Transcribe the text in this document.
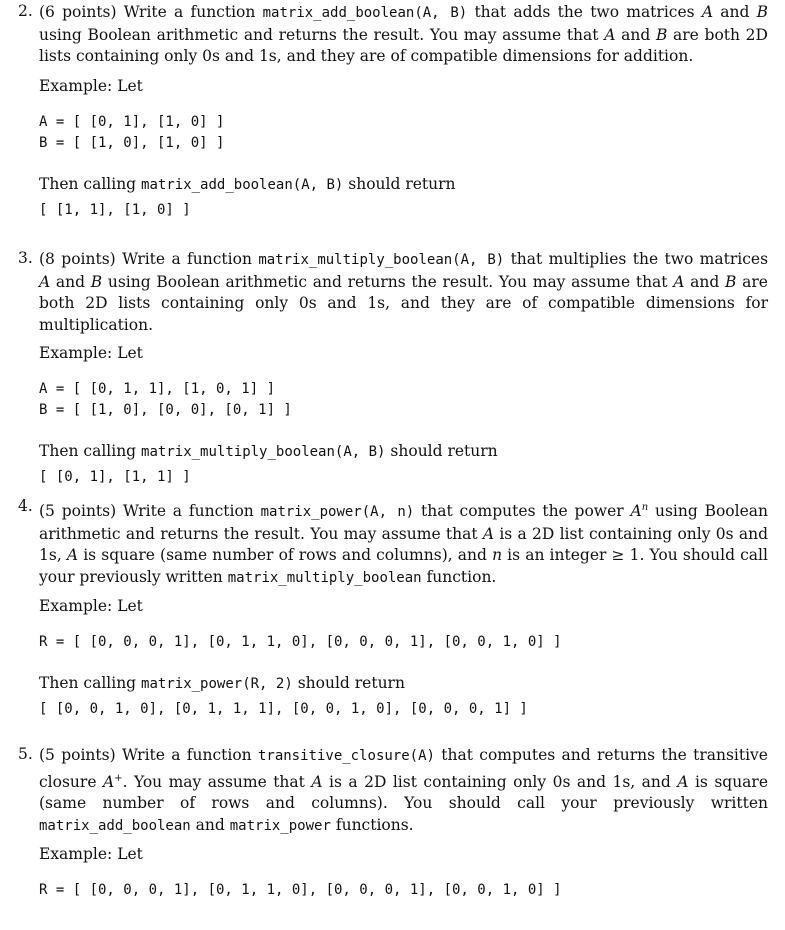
2. (6 points) Write a function matrix_add_boolean(A, B) that adds the two matrices A and B using Boolean arithmetic and returns the result. You may assume that A and B are both 2D lists containing only 0s and 1s, and they are of compatible dimensions for addition.

Example: Let
A = [ [0, 1], [1, 0] ]
B = [ [1, 0], [1, 0] ]
Then calling matrix_add_boolean(A, B) should return
[ [1, 1], [1, 0] ]
3. (8 points) Write a function matrix_multiply_boolean(A, B) that multiplies the two matrices A and B using Boolean arithmetic and returns the result. You may assume that A and B are both 2D lists containing only 0s and 1s, and they are of compatible dimensions for multiplication.

Example: Let
A = [ [0, 1, 1], [1, 0, 1] ]
B = [ [1, 0], [0, 0], [0, 1] ]
Then calling matrix_multiply_boolean(A, B) should return
[ [0, 1], [1, 1] ]
4. (5 points) Write a function matrix_power(A, n) that computes the power $A^n$ using Boolean arithmetic and returns the result. You may assume that A is a 2D list containing only 0s and 1s, A is square (same number of rows and columns), and n is an integer ≥ 1. You should call your previously written matrix_multiply_boolean function.

Example: Let
R = [ [0, 0, 0, 1], [0, 1, 1, 0], [0, 0, 0, 1], [0, 0, 1, 0] ]
Then calling matrix_power(R, 2) should return
[ [0, 0, 1, 0], [0, 1, 1, 1], [0, 0, 1, 0], [0, 0, 0, 1] ]
5. (5 points) Write a function transitive_closure(A) that computes and returns the transitive closure A+. You may assume that A is a 2D list containing only 0s and 1s, and A is square (same number of rows and columns). You should call your previously written matrix_add_boolean and matrix_power functions.

Example: Let
R = [ [0, 0, 0, 1], [0, 1, 1, 0], [0, 0, 0, 1], [0, 0, 1, 0] ]
